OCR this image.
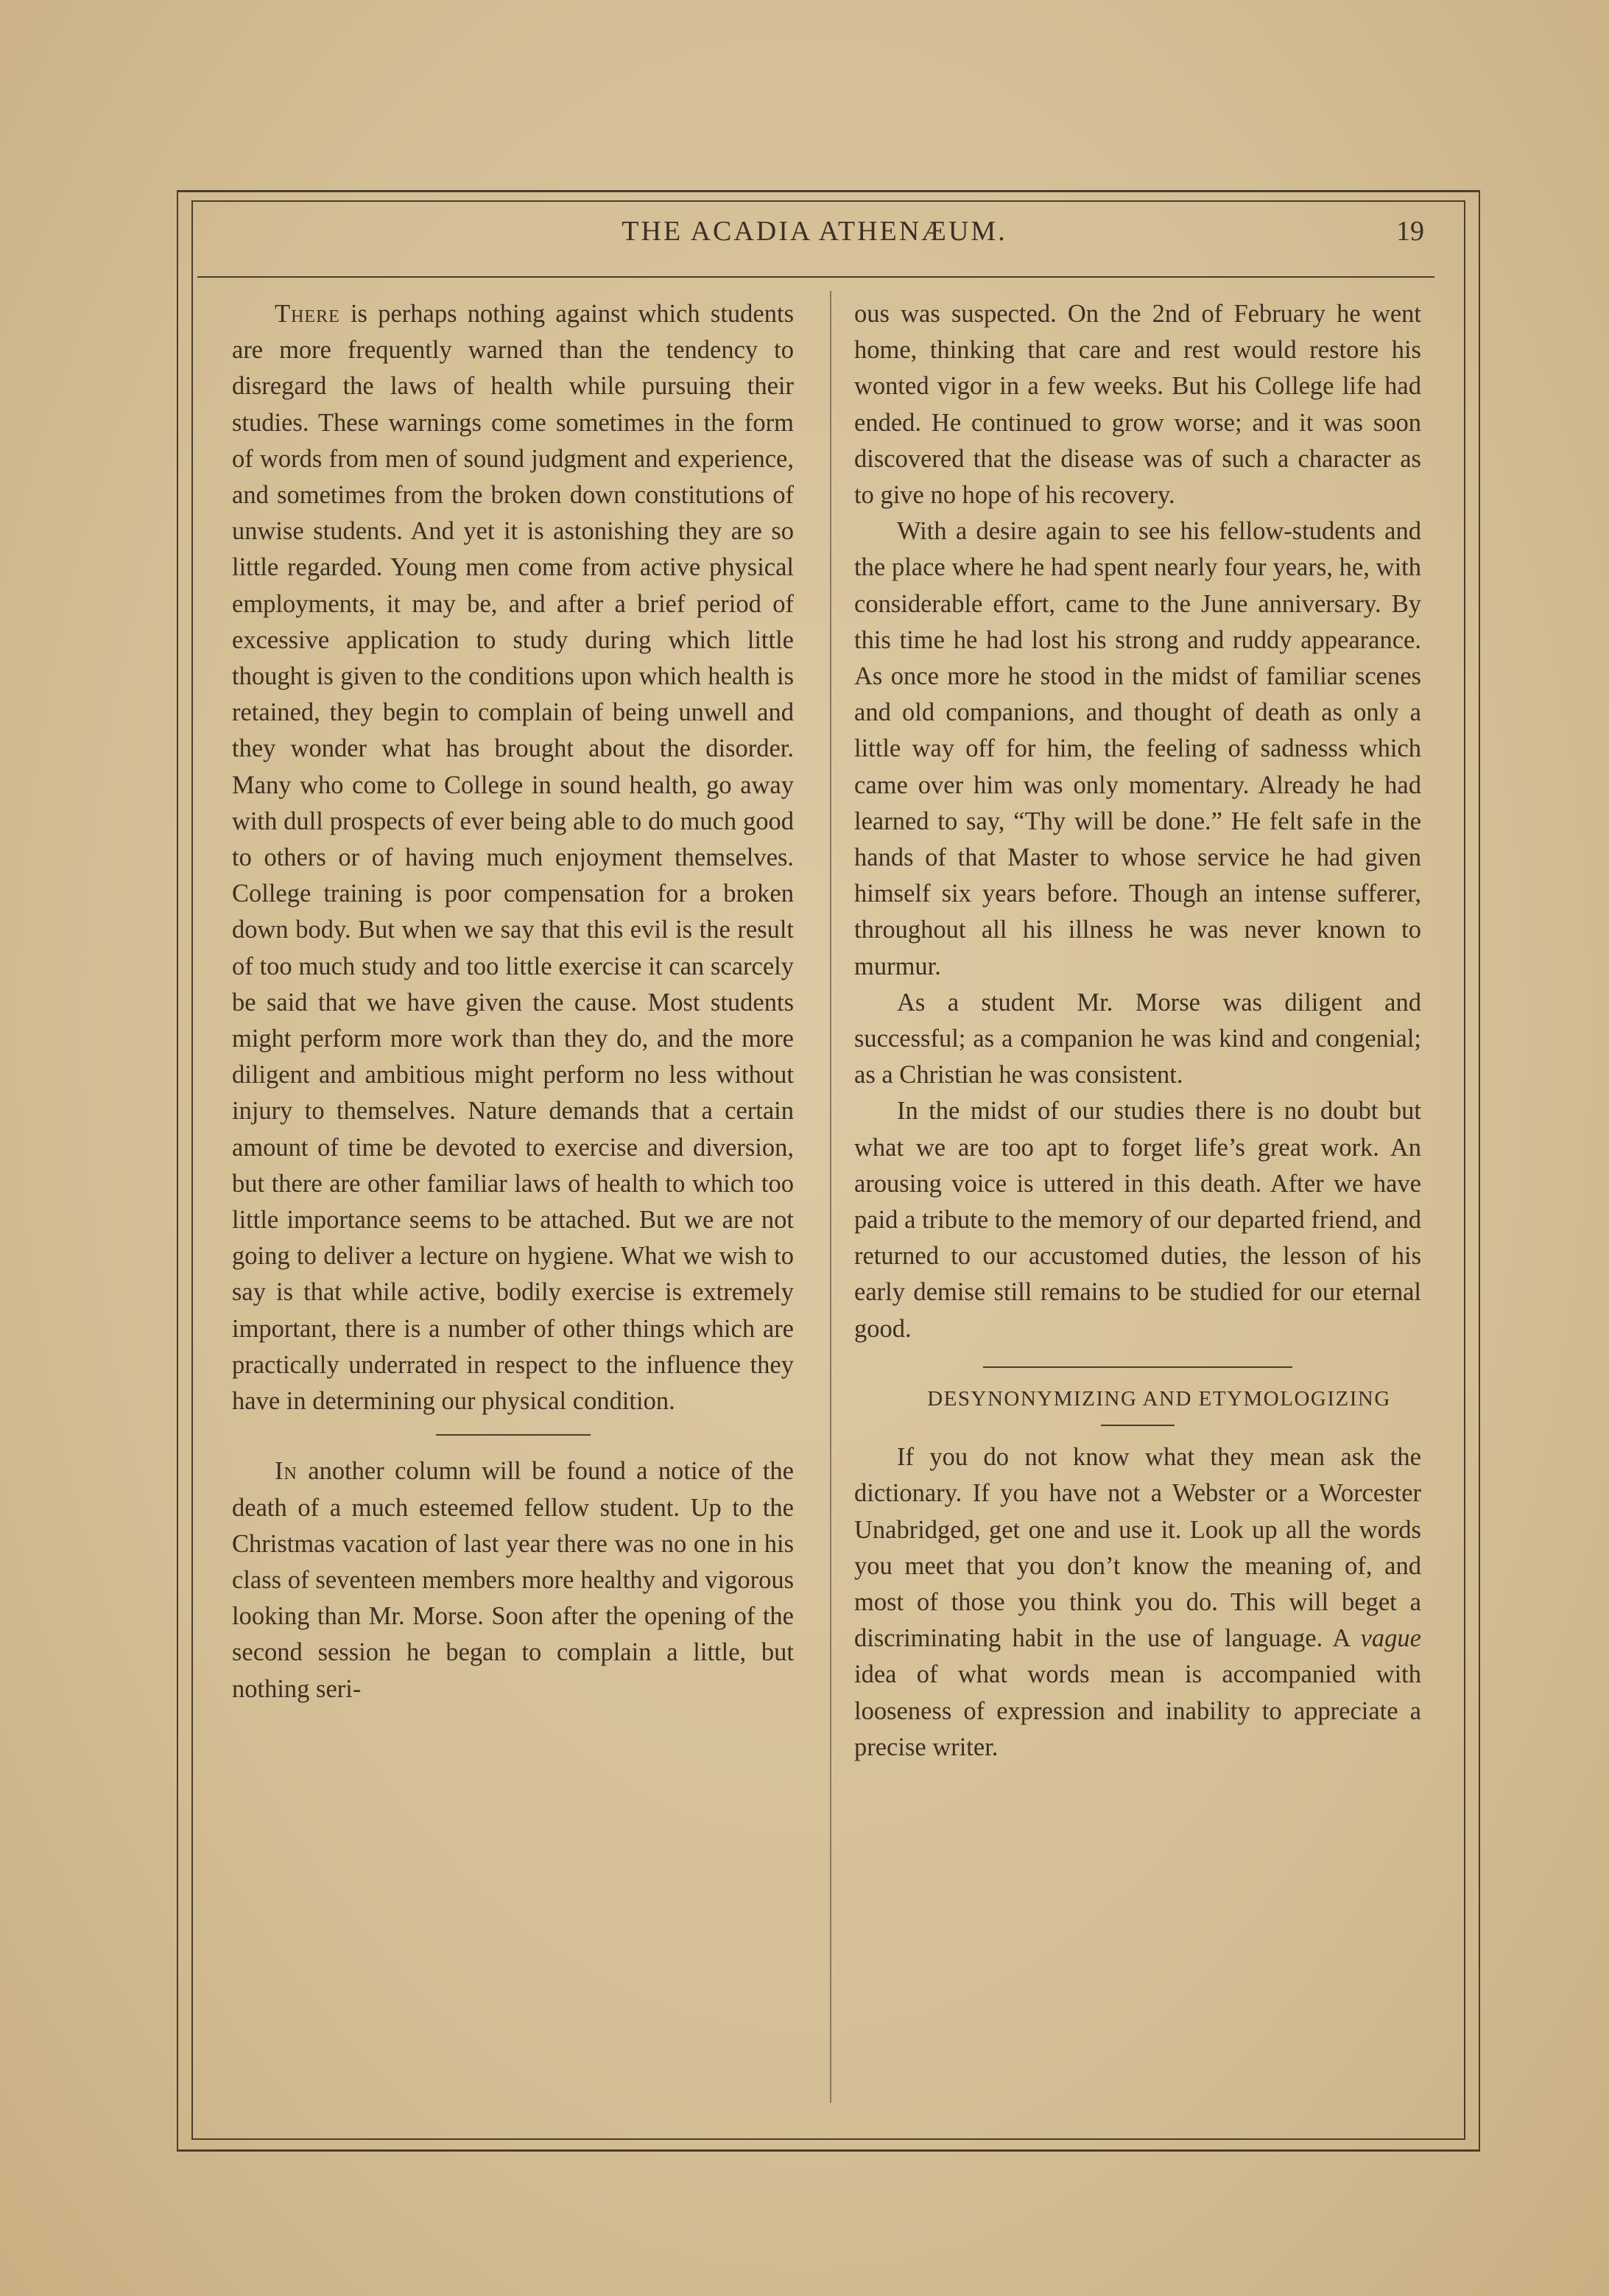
THE ACADIA ATHENÆUM.	19

There is perhaps nothing against which students are more frequently warned than the tendency to disregard the laws of health while pursuing their studies. These warnings come sometimes in the form of words from men of sound judgment and experience, and sometimes from the broken down constitutions of unwise students. And yet it is astonishing they are so little regarded. Young men come from active physical employments, it may be, and after a brief period of excessive application to study during which little thought is given to the conditions upon which health is retained, they begin to complain of being unwell and they wonder what has brought about the disorder. Many who come to College in sound health, go away with dull prospects of ever being able to do much good to others or of having much enjoyment themselves. College training is poor compensation for a broken down body. But when we say that this evil is the result of too much study and too little exercise it can scarcely be said that we have given the cause. Most students might perform more work than they do, and the more diligent and ambitious might perform no less without injury to themselves. Nature demands that a certain amount of time be devoted to exercise and diversion, but there are other familiar laws of health to which too little importance seems to be attached. But we are not going to deliver a lecture on hygiene. What we wish to say is that while active, bodily exercise is extremely important, there is a number of other things which are practically underrated in respect to the influence they have in determining our physical condition.

In another column will be found a notice of the death of a much esteemed fellow student. Up to the Christmas vacation of last year there was no one in his class of seventeen members more healthy and vigorous looking than Mr. Morse. Soon after the opening of the second session he began to complain a little, but nothing seri-

ous was suspected. On the 2nd of February he went home, thinking that care and rest would restore his wonted vigor in a few weeks. But his College life had ended. He continued to grow worse; and it was soon discovered that the disease was of such a character as to give no hope of his recovery.

With a desire again to see his fellow-students and the place where he had spent nearly four years, he, with considerable effort, came to the June anniversary. By this time he had lost his strong and ruddy appearance. As once more he stood in the midst of familiar scenes and old companions, and thought of death as only a little way off for him, the feeling of sadnesss which came over him was only momentary. Already he had learned to say, “Thy will be done.” He felt safe in the hands of that Master to whose service he had given himself six years before. Though an intense sufferer, throughout all his illness he was never known to murmur.

As a student Mr. Morse was diligent and successful; as a companion he was kind and congenial; as a Christian he was consistent.

In the midst of our studies there is no doubt but what we are too apt to forget life’s great work. An arousing voice is uttered in this death. After we have paid a tribute to the memory of our departed friend, and returned to our accustomed duties, the lesson of his early demise still remains to be studied for our eternal good.

DESYNONYMIZING AND ETYMOLOGIZING

If you do not know what they mean ask the dictionary. If you have not a Webster or a Worcester Unabridged, get one and use it. Look up all the words you meet that you don’t know the meaning of, and most of those you think you do. This will beget a discriminating habit in the use of language. A vague idea of what words mean is accompanied with looseness of expression and inability to appreciate a precise writer.
